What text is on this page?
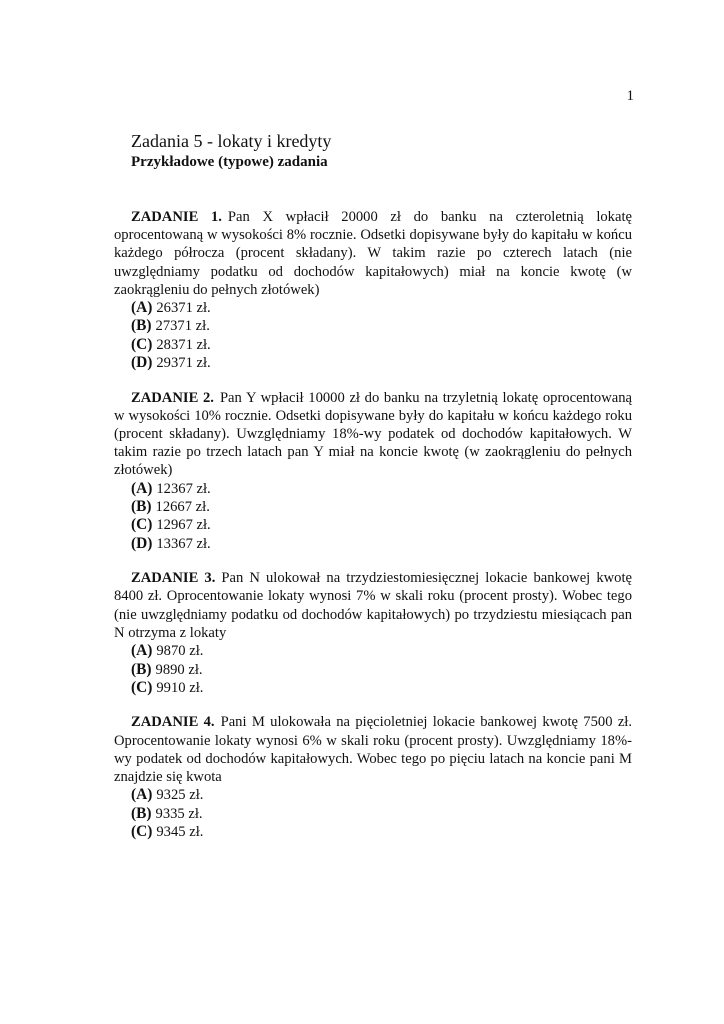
1
Zadania 5 - lokaty i kredyty
Przykładowe (typowe) zadania

ZADANIE 1. Pan X wpłacił 20000 zł do banku na czteroletnią lokatę oprocentowaną w wysokości 8% rocznie. Odsetki dopisywane były do kapitału w końcu każdego półrocza (procent składany). W takim razie po czterech latach (nie uwzględniamy podatku od dochodów kapitałowych) miał na koncie kwotę (w zaokrągleniu do pełnych złotówek)

(A) 26371 zł.
(B) 27371 zł.
(C) 28371 zł.
(D) 29371 zł.

ZADANIE 2. Pan Y wpłacił 10000 zł do banku na trzyletnią lokatę oprocentowaną w wysokości 10% rocznie. Odsetki dopisywane były do kapitału w końcu każdego roku (procent składany). Uwzględniamy 18%-wy podatek od dochodów kapitałowych. W takim razie po trzech latach pan Y miał na koncie kwotę (w zaokrągleniu do pełnych złotówek)

(A) 12367 zł.
(B) 12667 zł.
(C) 12967 zł.
(D) 13367 zł.

ZADANIE 3. Pan N ulokował na trzydziestomiesięcznej lokacie bankowej kwotę 8400 zł. Oprocentowanie lokaty wynosi 7% w skali roku (procent prosty). Wobec tego (nie uwzględniamy podatku od dochodów kapitałowych) po trzydziestu miesiącach pan N otrzyma z lokaty

(A) 9870 zł.
(B) 9890 zł.
(C) 9910 zł.

ZADANIE 4. Pani M ulokowała na pięcioletniej lokacie bankowej kwotę 7500 zł. Oprocentowanie lokaty wynosi 6% w skali roku (procent prosty). Uwzględniamy 18%-wy podatek od dochodów kapitałowych. Wobec tego po pięciu latach na koncie pani M znajdzie się kwota

(A) 9325 zł.
(B) 9335 zł.
(C) 9345 zł.
